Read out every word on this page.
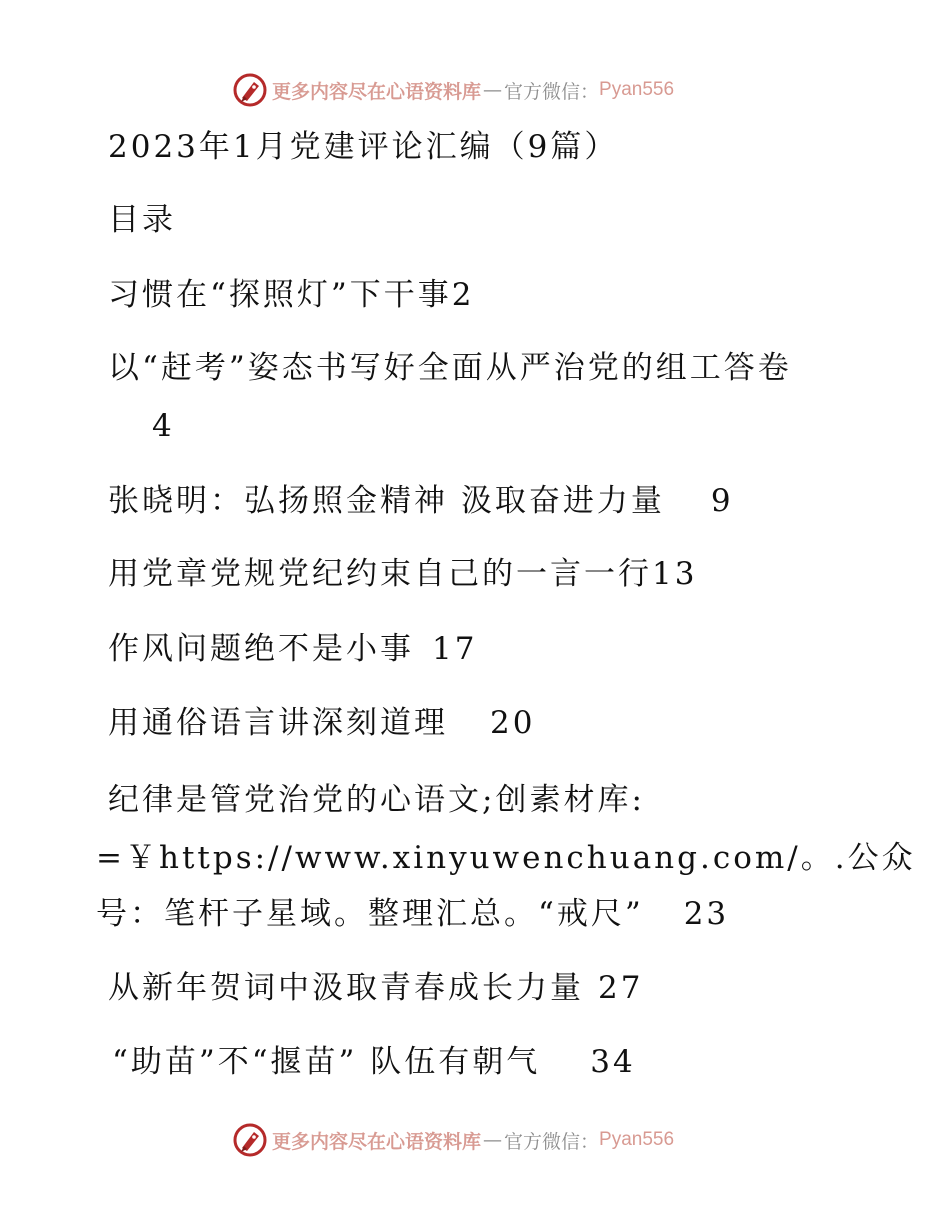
更多内容尽在心语资料库 — 官方微信： Pyan556
2023年1月党建评论汇编（9篇）
目录
习惯在“探照灯”下干事2
以“赶考”姿态书写好全面从严治党的组工答卷
4
张晓明：弘扬照金精神 汲取奋进力量 9
用党章党规党纪约束自己的一言一行13
作风问题绝不是小事 17
用通俗语言讲深刻道理 20
纪律是管党治党的心语文;创素材库:
=￥https://www.xinyuwenchuang.com/。.公众
号：笔杆子星域。整理汇总。“戒尺” 23
从新年贺词中汲取青春成长力量 27
“助苗”不“揠苗” 队伍有朝气 34
更多内容尽在心语资料库 — 官方微信： Pyan556
